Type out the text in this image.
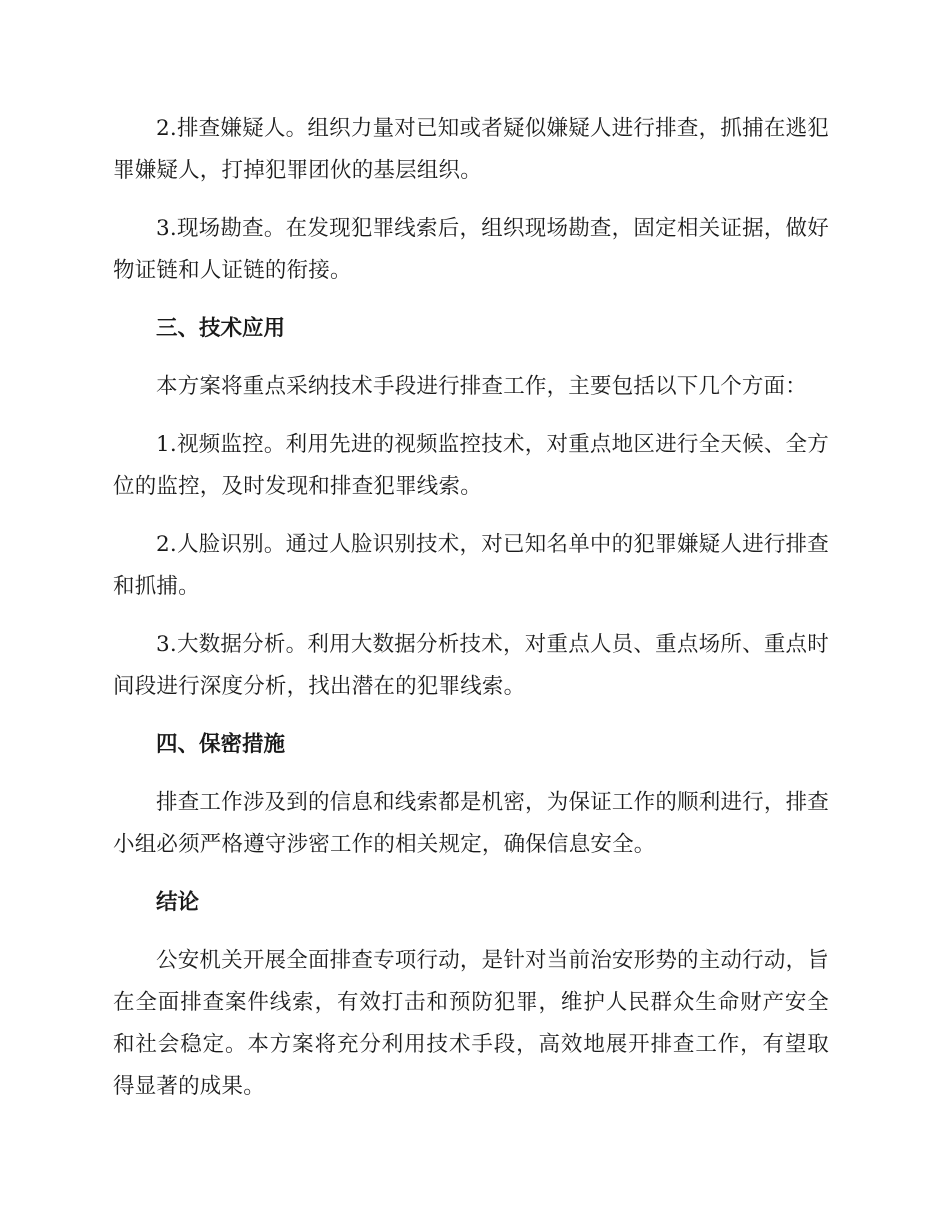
2.排查嫌疑人。组织力量对已知或者疑似嫌疑人进行排查，抓捕在逃犯罪嫌疑人，打掉犯罪团伙的基层组织。

3.现场勘查。在发现犯罪线索后，组织现场勘查，固定相关证据，做好物证链和人证链的衔接。

三、技术应用

本方案将重点采纳技术手段进行排查工作，主要包括以下几个方面：

1.视频监控。利用先进的视频监控技术，对重点地区进行全天候、全方位的监控，及时发现和排查犯罪线索。

2.人脸识别。通过人脸识别技术，对已知名单中的犯罪嫌疑人进行排查和抓捕。

3.大数据分析。利用大数据分析技术，对重点人员、重点场所、重点时间段进行深度分析，找出潜在的犯罪线索。

四、保密措施

排查工作涉及到的信息和线索都是机密，为保证工作的顺利进行，排查小组必须严格遵守涉密工作的相关规定，确保信息安全。

结论

公安机关开展全面排查专项行动，是针对当前治安形势的主动行动，旨在全面排查案件线索，有效打击和预防犯罪，维护人民群众生命财产安全和社会稳定。本方案将充分利用技术手段，高效地展开排查工作，有望取得显著的成果。
